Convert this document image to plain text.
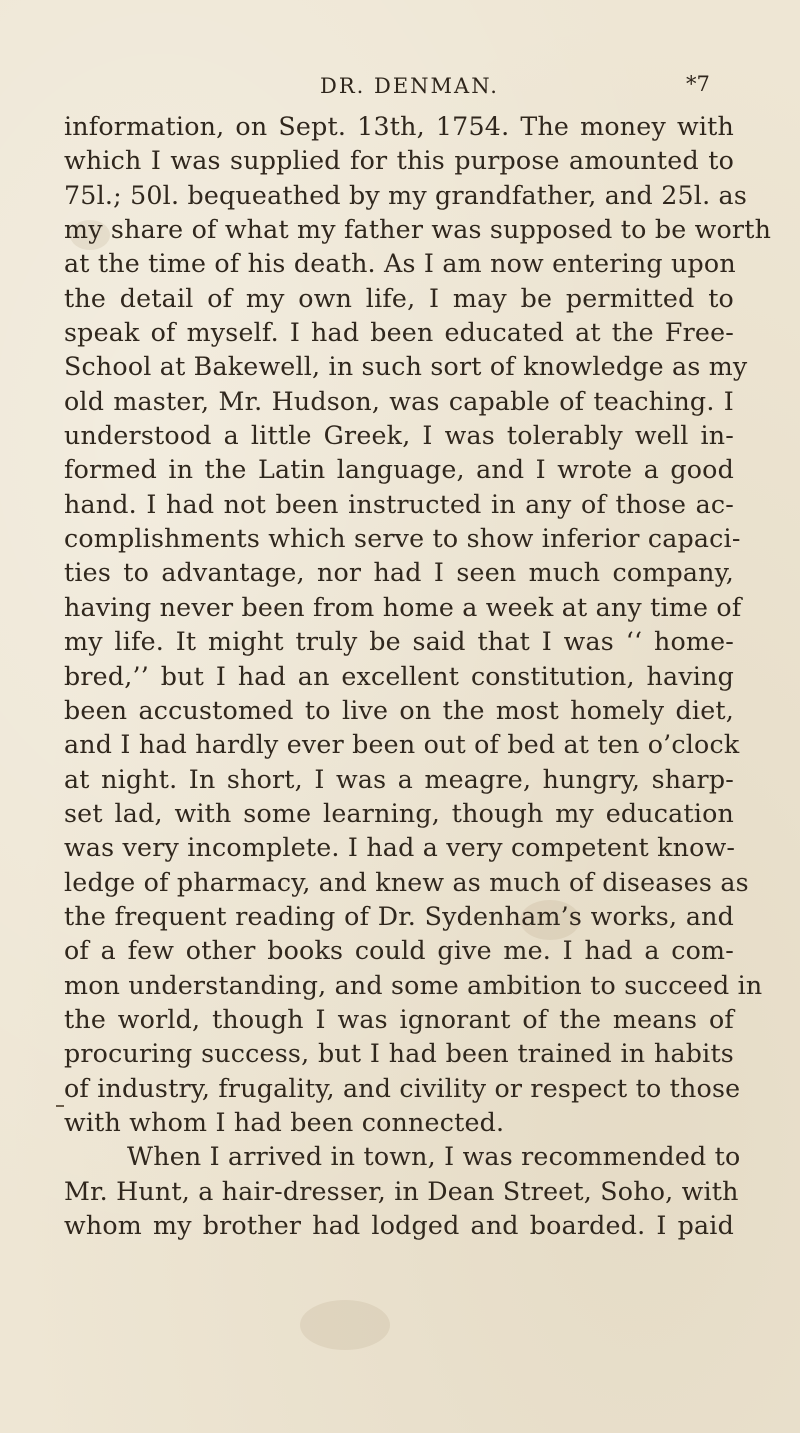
DR. DENMAN.	*7
information, on Sept. 13th, 1754. The money with
which I was supplied for this purpose amounted to
75l.; 50l. bequeathed by my grandfather, and 25l. as
my share of what my father was supposed to be worth
at the time of his death. As I am now entering upon
the detail of my own life, I may be permitted to
speak of myself. I had been educated at the Free-
School at Bakewell, in such sort of knowledge as my
old master, Mr. Hudson, was capable of teaching. I
understood a little Greek, I was tolerably well in-
formed in the Latin language, and I wrote a good
hand. I had not been instructed in any of those ac-
complishments which serve to show inferior capaci-
ties to advantage, nor had I seen much company,
having never been from home a week at any time of
my life. It might truly be said that I was ‘‘ home-
bred,’’ but I had an excellent constitution, having
been accustomed to live on the most homely diet,
and I had hardly ever been out of bed at ten o’clock
at night. In short, I was a meagre, hungry, sharp-
set lad, with some learning, though my education
was very incomplete. I had a very competent know-
ledge of pharmacy, and knew as much of diseases as
the frequent reading of Dr. Sydenham’s works, and
of a few other books could give me. I had a com-
mon understanding, and some ambition to succeed in
the world, though I was ignorant of the means of
procuring success, but I had been trained in habits
of industry, frugality, and civility or respect to those
with whom I had been connected.
When I arrived in town, I was recommended to
Mr. Hunt, a hair-dresser, in Dean Street, Soho, with
whom my brother had lodged and boarded. I paid
